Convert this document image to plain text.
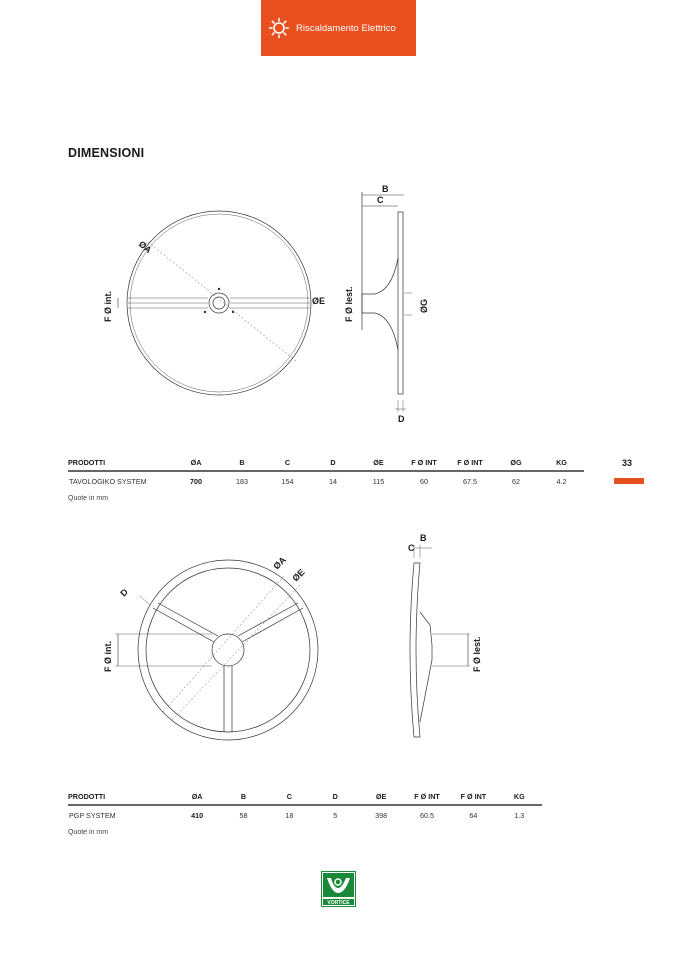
Riscaldamento Elettrico
DIMENSIONI
ØA
ØE
F Ø int.
B
C
D
F Ø lest.	ØG
PRODOTTI	ØA	B	C	D	ØE	F Ø INT	F Ø INT	ØG	KG
TAVOLOGIKO SYSTEM	700	183	154	14	115	60	67.5	62	4.2
Quote in mm
33
ØA
ØE
D
F Ø int.
C
B
F Ø lest.
PRODOTTI	ØA	B	C	D	ØE	F Ø INT	F Ø INT	KG
PGP SYSTEM	410	58	18	5	398	60.5	64	1.3
Quote in mm
VORTICE
